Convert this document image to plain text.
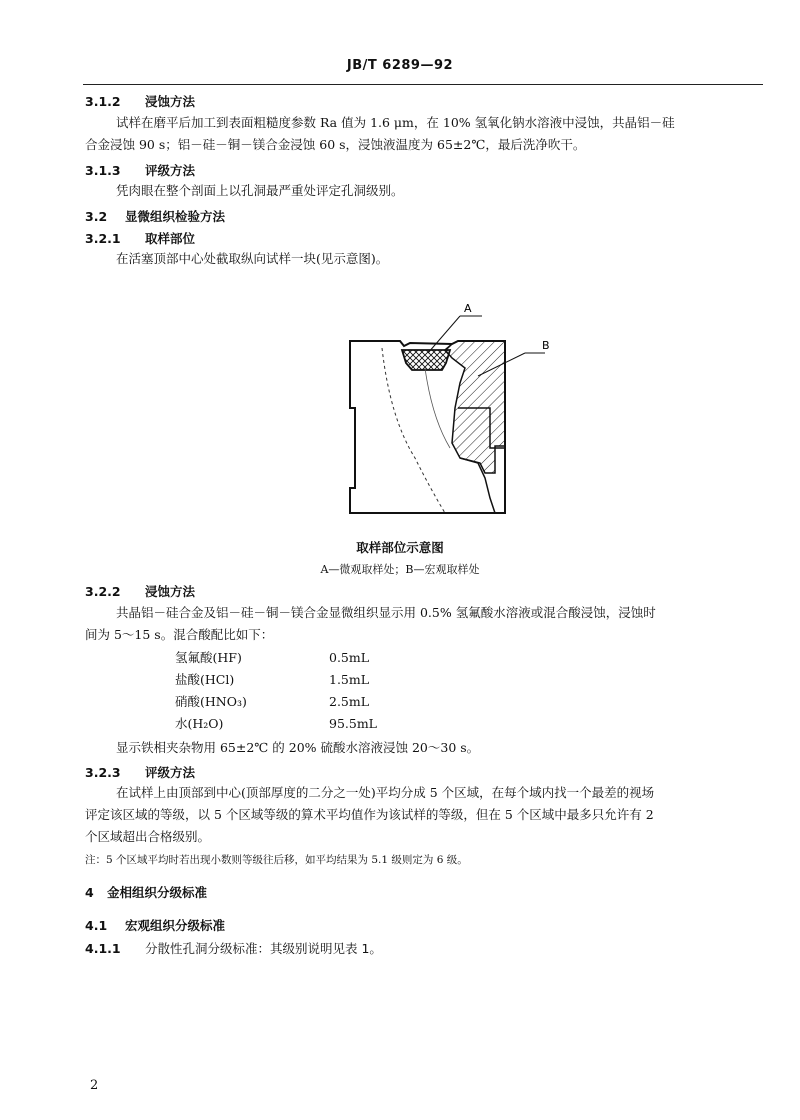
JB/T 6289—92
3.1.2 浸蚀方法
试样在磨平后加工到表面粗糙度参数 Ra 值为 1.6 μm，在 10% 氢氧化钠水溶液中浸蚀，共晶铝－硅
合金浸蚀 90 s；铝－硅－铜－镁合金浸蚀 60 s，浸蚀液温度为 65±2℃，最后洗净吹干。
3.1.3 评级方法
凭肉眼在整个剖面上以孔洞最严重处评定孔洞级别。
3.2 显微组织检验方法
3.2.1 取样部位
在活塞顶部中心处截取纵向试样一块(见示意图)。
A
B
取样部位示意图
A—微观取样处；B—宏观取样处
3.2.2 浸蚀方法
共晶铝－硅合金及铝－硅－铜－镁合金显微组织显示用 0.5% 氢氟酸水溶液或混合酸浸蚀，浸蚀时
间为 5～15 s。混合酸配比如下：
氢氟酸(HF)	0.5mL
盐酸(HCl)	1.5mL
硝酸(HNO₃)	2.5mL
水(H₂O)	95.5mL
显示铁相夹杂物用 65±2℃ 的 20% 硫酸水溶液浸蚀 20～30 s。
3.2.3 评级方法
在试样上由顶部到中心(顶部厚度的二分之一处)平均分成 5 个区域，在每个域内找一个最差的视场
评定该区域的等级，以 5 个区域等级的算术平均值作为该试样的等级，但在 5 个区域中最多只允许有 2
个区域超出合格级别。
注：5 个区域平均时若出现小数则等级往后移，如平均结果为 5.1 级则定为 6 级。
4 金相组织分级标准
4.1 宏观组织分级标准
4.1.1 分散性孔洞分级标准：其级别说明见表 1。
2
